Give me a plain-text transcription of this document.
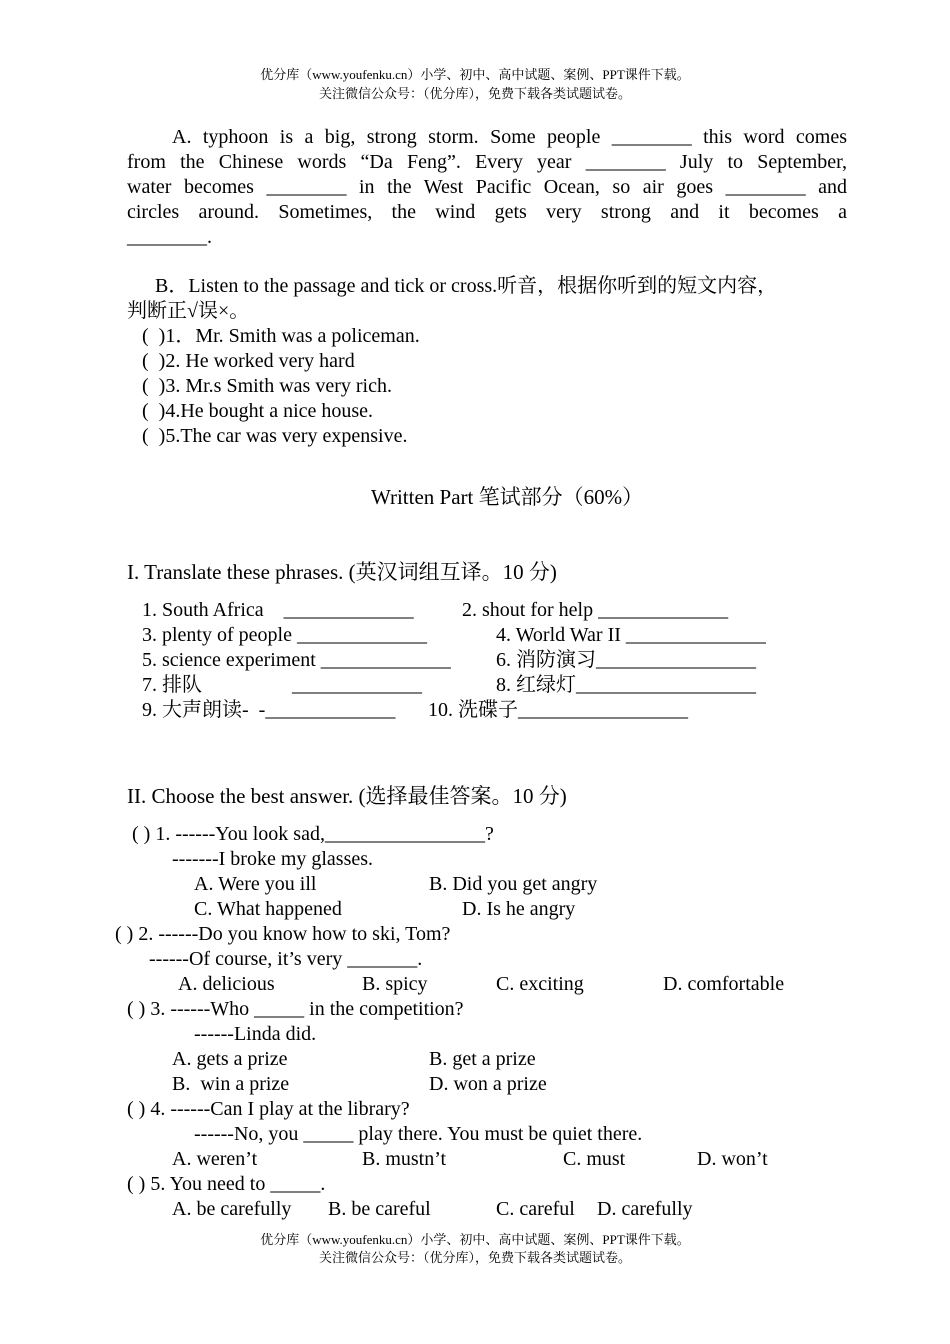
优分库（www.youfenku.cn）小学、初中、高中试题、案例、PPT课件下载。
关注微信公众号：（优分库），免费下载各类试题试卷。
A. typhoon is a big, strong storm. Some people ________ this word comes
from the Chinese words “Da Feng”. Every year ________ July to September,
water becomes ________ in the West Pacific Ocean, so air goes ________ and
circles around. Sometimes, the wind gets very strong and it becomes a
________.
B．Listen to the passage and tick or cross.听音，根据你听到的短文内容，
判断正√误×。
(  )1．Mr. Smith was a policeman.
(  )2. He worked very hard
(  )3. Mr.s Smith was very rich.
(  )4.He bought a nice house.
(  )5.The car was very expensive.
Written Part 笔试部分（60%）
I. Translate these phrases. (英汉词组互译。10 分)
1. South Africa    _____________ 2. shout for help _____________
3. plenty of people _____________	4. World War II ______________
5. science experiment _____________ 6. 消防演习________________
7. 排队                  _____________	8. 红绿灯__________________
9. 大声朗读-  -_____________ 10. 洗碟子_________________
II. Choose the best answer. (选择最佳答案。10 分)
( ) 1. ------You look sad,________________?
-------I broke my glasses.
A. Were you ill	B. Did you get angry
C. What happened	D. Is he angry
( ) 2. ------Do you know how to ski, Tom?
------Of course, it’s very _______.
A. delicious	B. spicy	C. exciting	D. comfortable
( ) 3. ------Who _____ in the competition?
------Linda did.
A. gets a prize	B. get a prize
B.  win a prize	D. won a prize
( ) 4. ------Can I play at the library?
------No, you _____ play there. You must be quiet there.
A. weren’t	B. mustn’t	C. must	D. won’t
( ) 5. You need to _____.
A. be carefully B. be careful	C. careful D. carefully
优分库（www.youfenku.cn）小学、初中、高中试题、案例、PPT课件下载。
关注微信公众号：（优分库），免费下载各类试题试卷。
